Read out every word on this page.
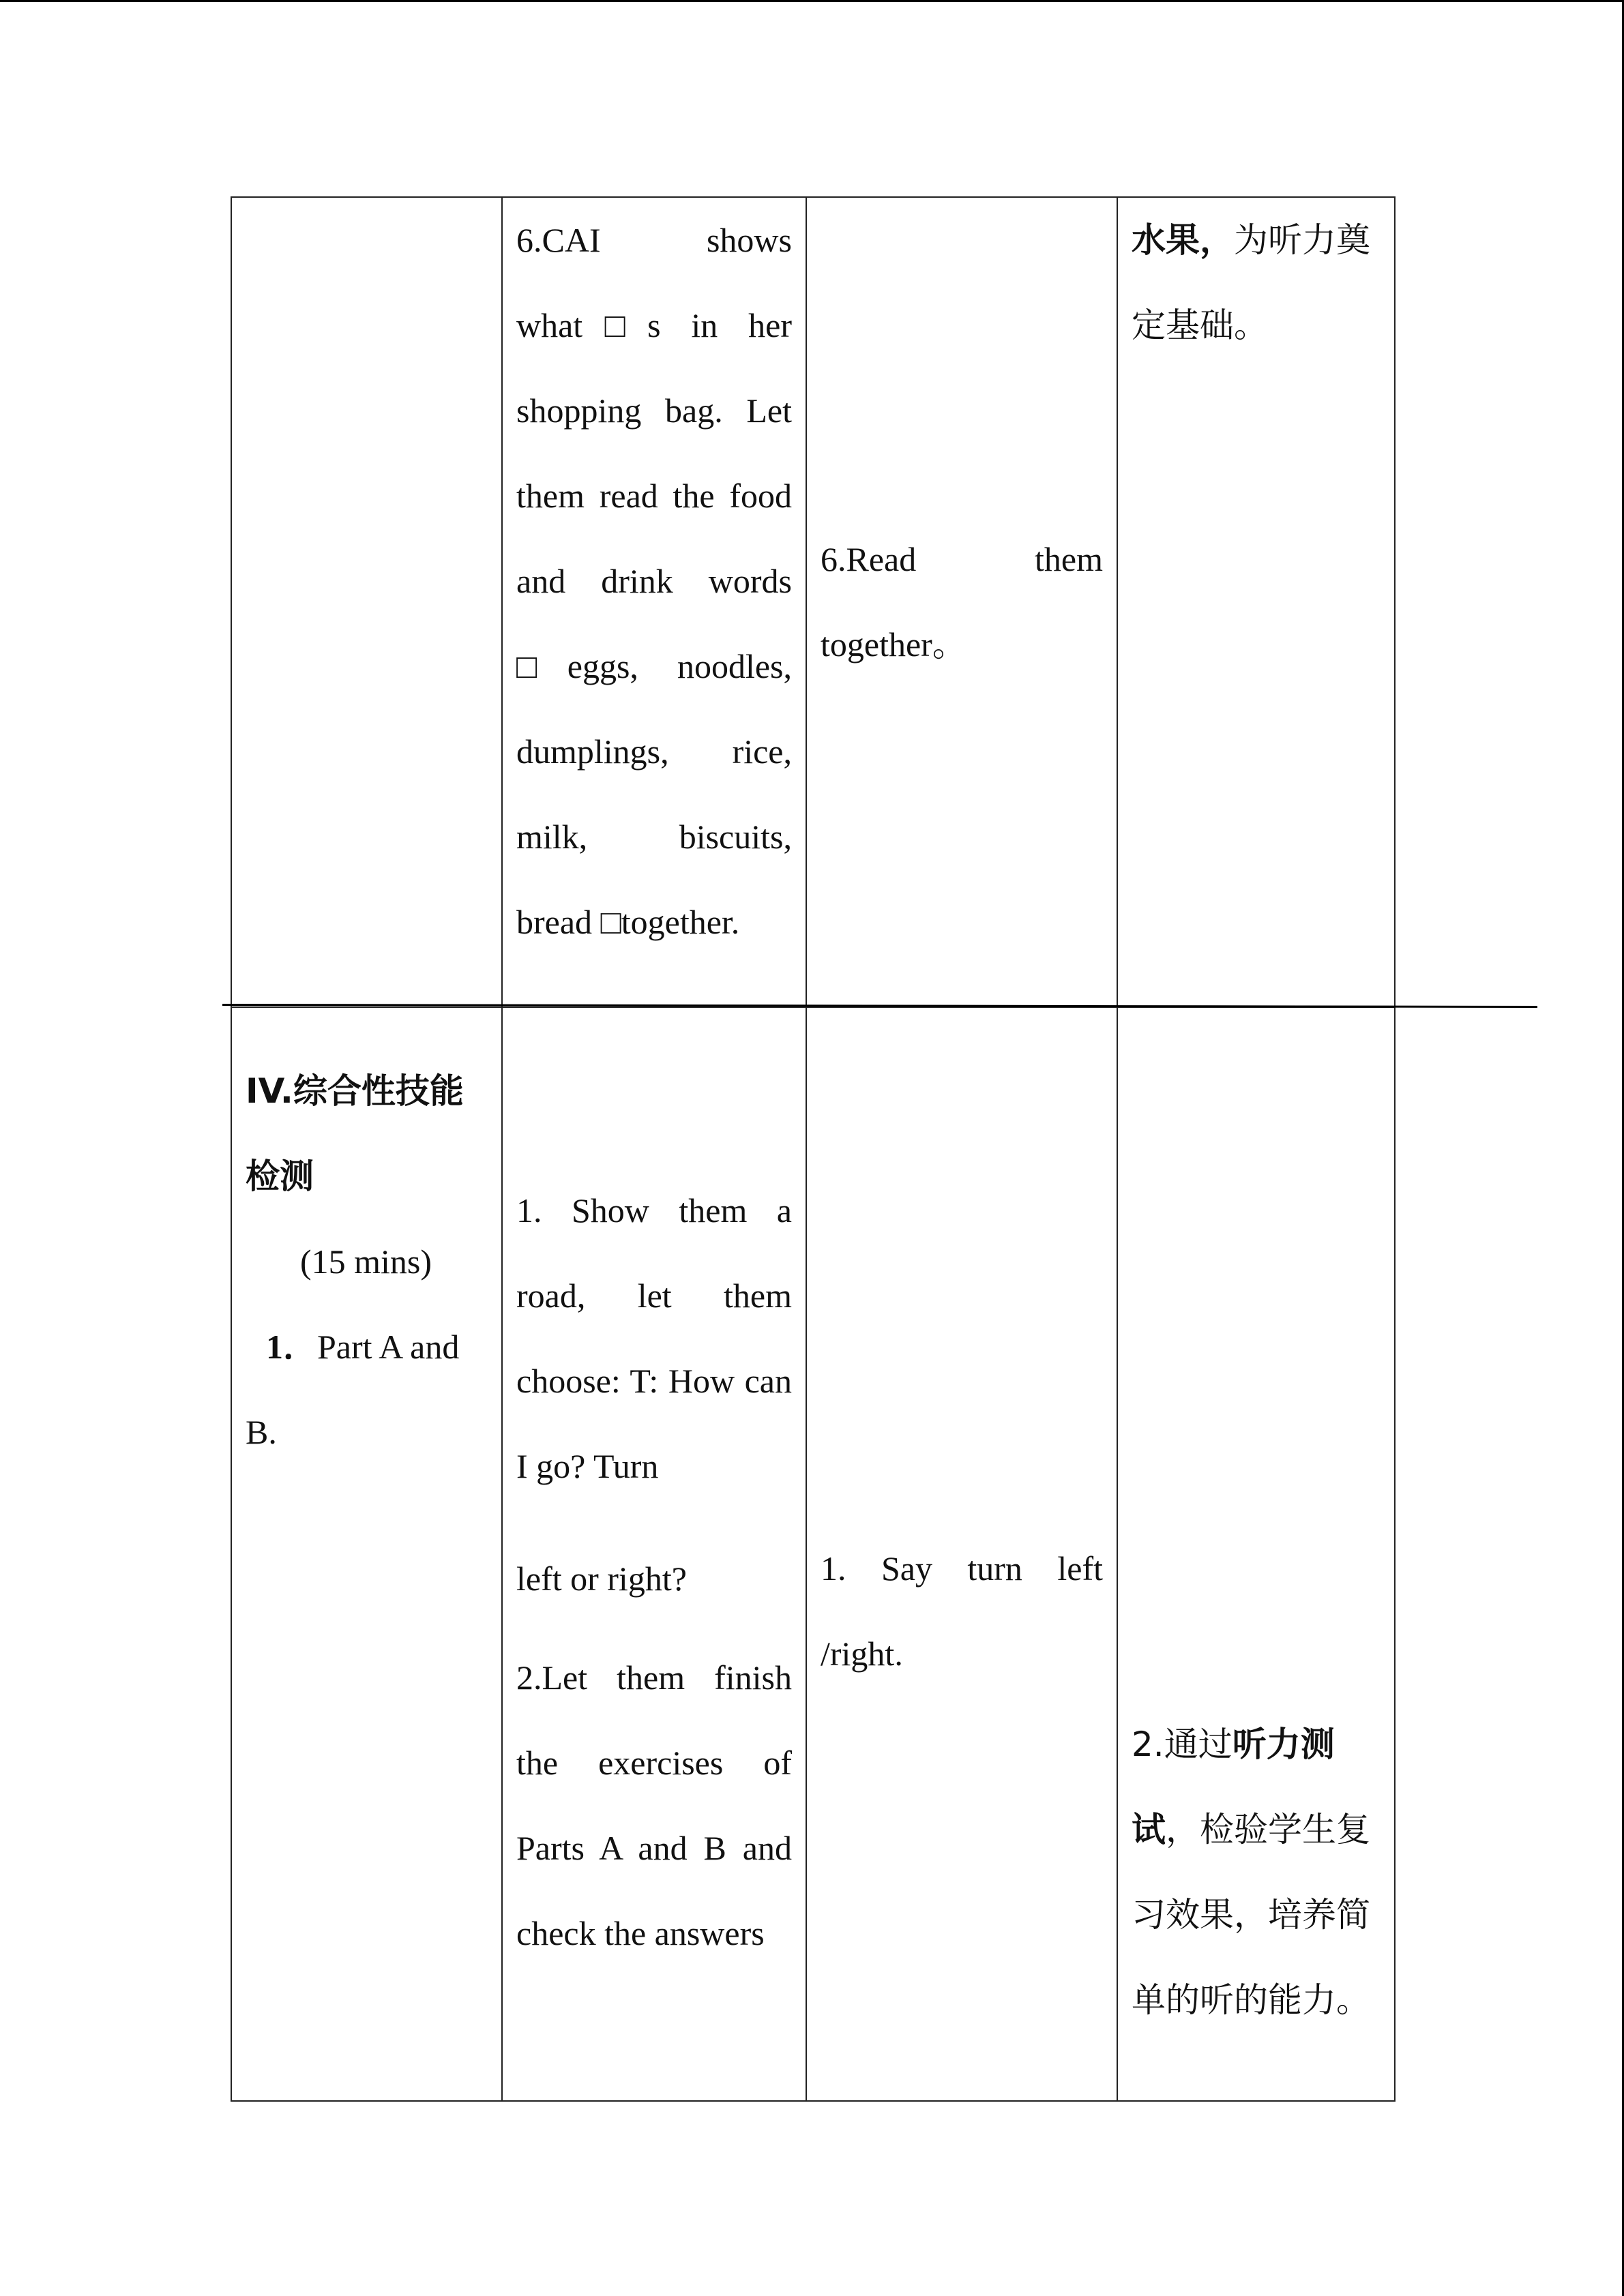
	6.CAI shows what□s in her shopping bag. Let them read the food and drink words □eggs, noodles, dumplings, rice, milk, biscuits, bread □together.	6.Read them together。	水果，为听力奠定基础。

IV.综合性技能检测
(15 mins)
1．Part A and B.	1. Show them a road, let them choose: T: How can I go? Turn
left or right?
2.Let them finish the exercises of Parts A and B and check the answers	1. Say turn left /right.	2.通过听力测试，检验学生复习效果，培养简单的听的能力。
